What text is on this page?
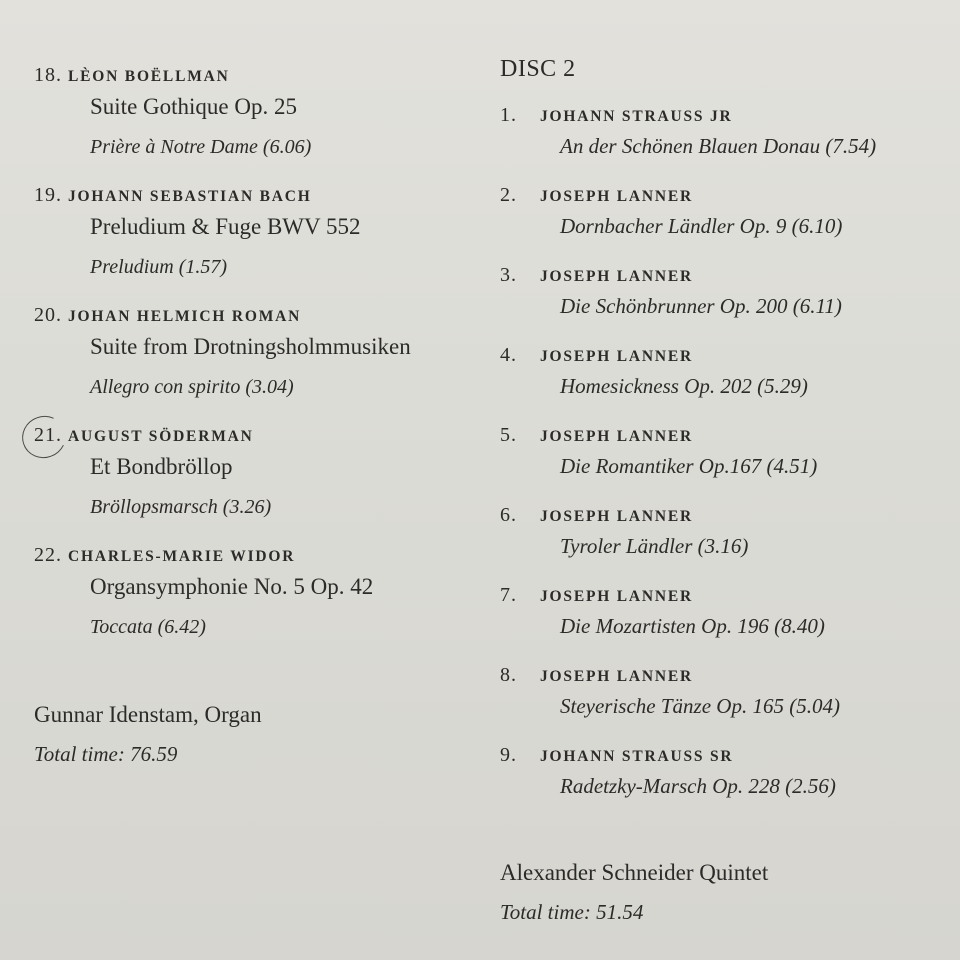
18. LÈON BOËLLMAN
Suite Gothique Op. 25
Prière à Notre Dame (6.06)
19. JOHANN SEBASTIAN BACH
Preludium & Fuge BWV 552
Preludium (1.57)
20. JOHAN HELMICH ROMAN
Suite from Drotningsholmmusiken
Allegro con spirito (3.04)
21. AUGUST SÖDERMAN
Et Bondbröllop
Bröllopsmarsch (3.26)
22. CHARLES-MARIE WIDOR
Organsymphonie No. 5 Op. 42
Toccata (6.42)
Gunnar Idenstam, Organ
Total time: 76.59
DISC 2
1. JOHANN STRAUSS JR
An der Schönen Blauen Donau (7.54)
2. JOSEPH LANNER
Dornbacher Ländler Op. 9 (6.10)
3. JOSEPH LANNER
Die Schönbrunner Op. 200 (6.11)
4. JOSEPH LANNER
Homesickness Op. 202 (5.29)
5. JOSEPH LANNER
Die Romantiker Op.167 (4.51)
6. JOSEPH LANNER
Tyroler Ländler (3.16)
7. JOSEPH LANNER
Die Mozartisten Op. 196 (8.40)
8. JOSEPH LANNER
Steyerische Tänze Op. 165 (5.04)
9. JOHANN STRAUSS SR
Radetzky-Marsch Op. 228 (2.56)
Alexander Schneider Quintet
Total time: 51.54
